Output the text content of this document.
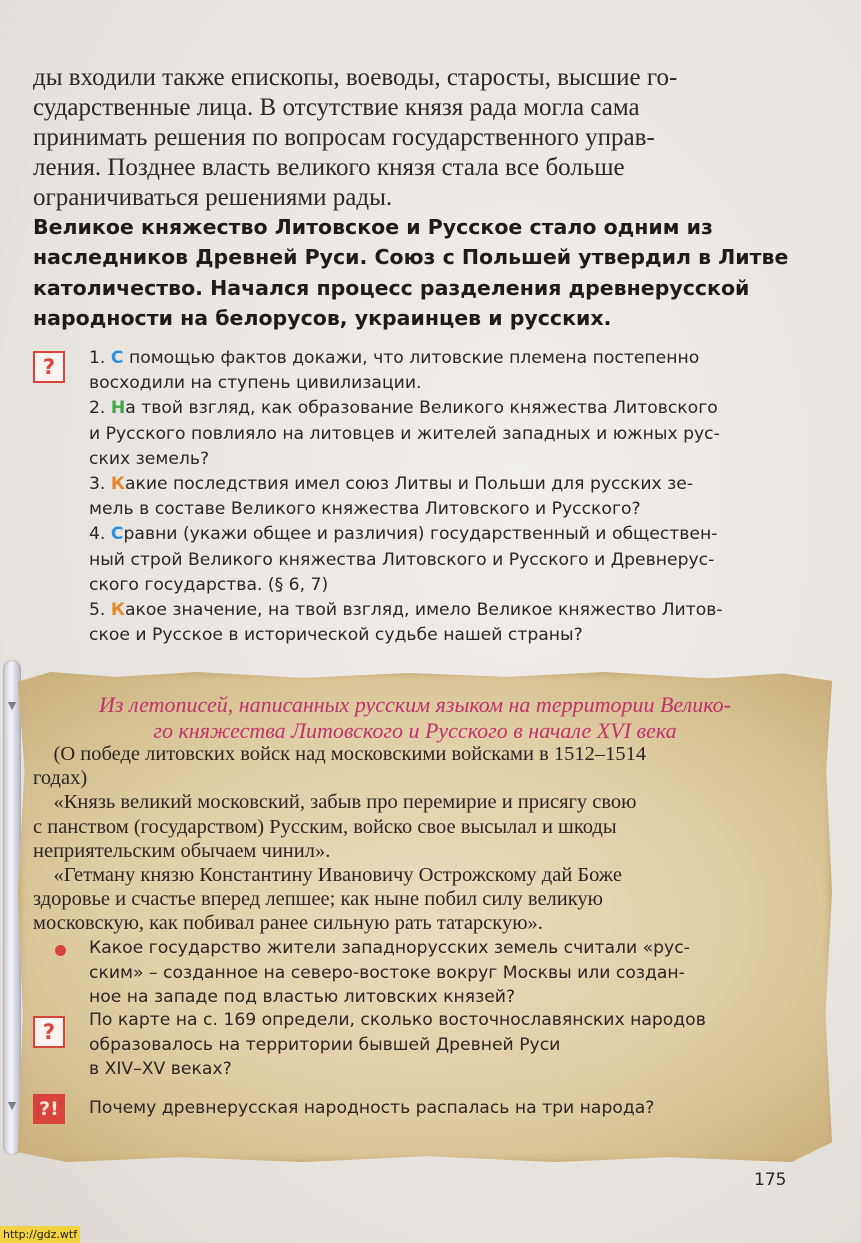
ды входили также епископы, воеводы, старосты, высшие го-
сударственные лица. В отсутствие князя рада могла сама
принимать решения по вопросам государственного управ-
ления. Позднее власть великого князя стала все больше
ограничиваться решениями рады.
Великое княжество Литовское и Русское стало одним из
наследников Древней Руси. Союз с Польшей утвердил в Литве
католичество. Начался процесс разделения древнерусской
народности на белорусов, украинцев и русских.
?	1. С помощью фактов докажи, что литовские племена постепенно
восходили на ступень цивилизации.
2. На твой взгляд, как образование Великого княжества Литовского
и Русского повлияло на литовцев и жителей западных и южных рус-
ских земель?
3. Какие последствия имел союз Литвы и Польши для русских зе-
мель в составе Великого княжества Литовского и Русского?
4. Сравни (укажи общее и различия) государственный и обществен-
ный строй Великого княжества Литовского и Русского и Древнерус-
ского государства. (§ 6, 7)
5. Какое значение, на твой взгляд, имело Великое княжество Литов-
ское и Русское в исторической судьбе нашей страны?
▼
▼
Из летописей, написанных русским языком на территории Велико-
го княжества Литовского и Русского в начале XVI века
(О победе литовских войск над московскими войсками в 1512–1514
годах)
«Князь великий московский, забыв про перемирие и присягу свою
с панством (государством) Русским, войско свое высылал и шкоды
неприятельским обычаем чинил».
«Гетману князю Константину Ивановичу Острожскому дай Боже
здоровье и счастье вперед лепшее; как ныне побил силу великую
московскую, как побивал ранее сильную рать татарскую».
Какое государство жители западнорусских земель считали «рус-
ским» – созданное на северо-востоке вокруг Москвы или создан-
ное на западе под властью литовских князей?
?	По карте на с. 169 определи, сколько восточнославянских народов
образовалось на территории бывшей Древней Руси
в XIV–XV веках?
?!	Почему древнерусская народность распалась на три народа?
175
http://gdz.wtf
